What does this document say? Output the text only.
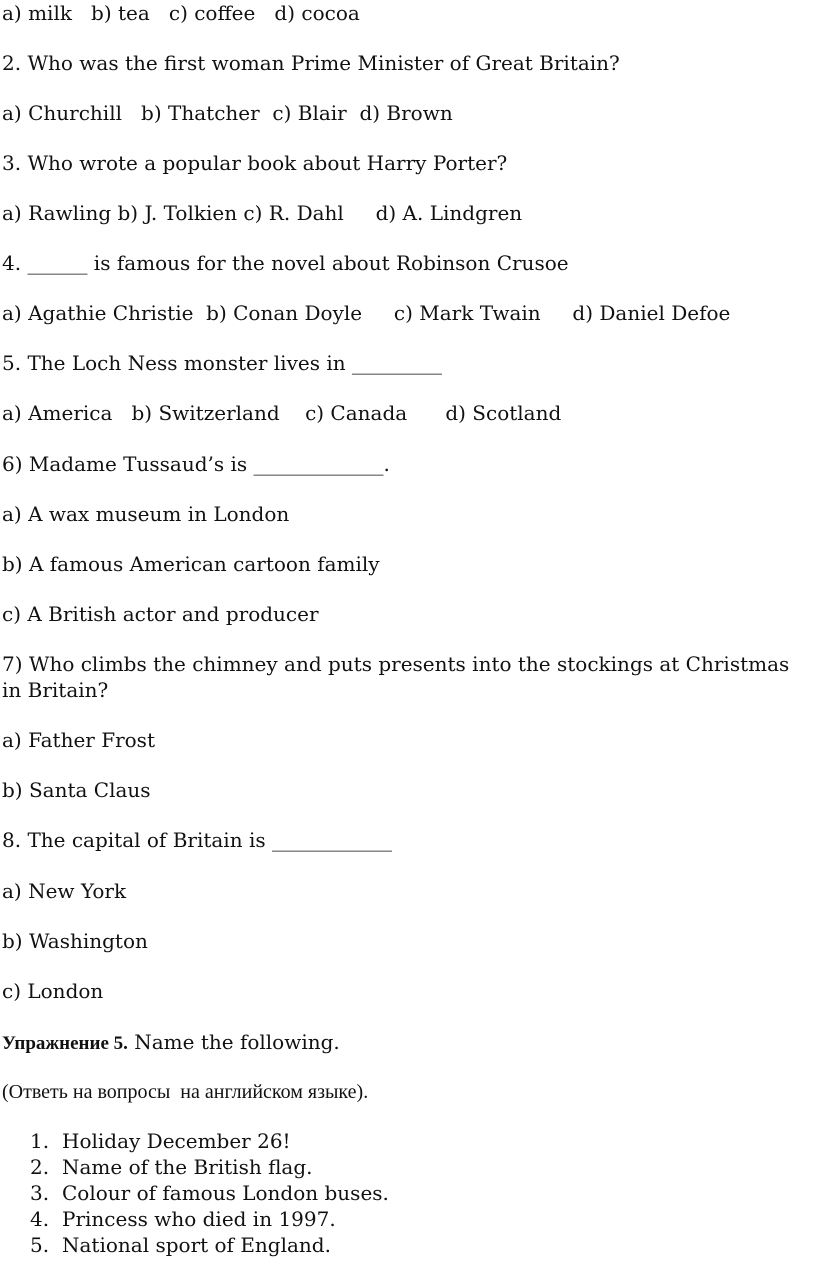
a) milk   b) tea   c) coffee   d) cocoa
2. Who was the first woman Prime Minister of Great Britain?
a) Churchill   b) Thatcher  c) Blair  d) Brown
3. Who wrote a popular book about Harry Porter?
a) Rawling b) J. Tolkien c) R. Dahl     d) A. Lindgren
4. ______ is famous for the novel about Robinson Crusoe
a) Agathie Christie  b) Conan Doyle     c) Mark Twain     d) Daniel Defoe
5. The Loch Ness monster lives in _________
a) America   b) Switzerland    c) Canada      d) Scotland
6) Madame Tussaud’s is _____________.
a) A wax museum in London
b) A famous American cartoon family
c) A British actor and producer
7) Who climbs the chimney and puts presents into the stockings at Christmas in Britain?
a) Father Frost
b) Santa Claus
8. The capital of Britain is ____________
a) New York
b) Washington
c) London
Упражнение 5. Name the following.
(Ответь на вопросы  на английском языке).
1. Holiday December 26!
2. Name of the British flag.
3. Colour of famous London buses.
4. Princess who died in 1997.
5. National sport of England.
